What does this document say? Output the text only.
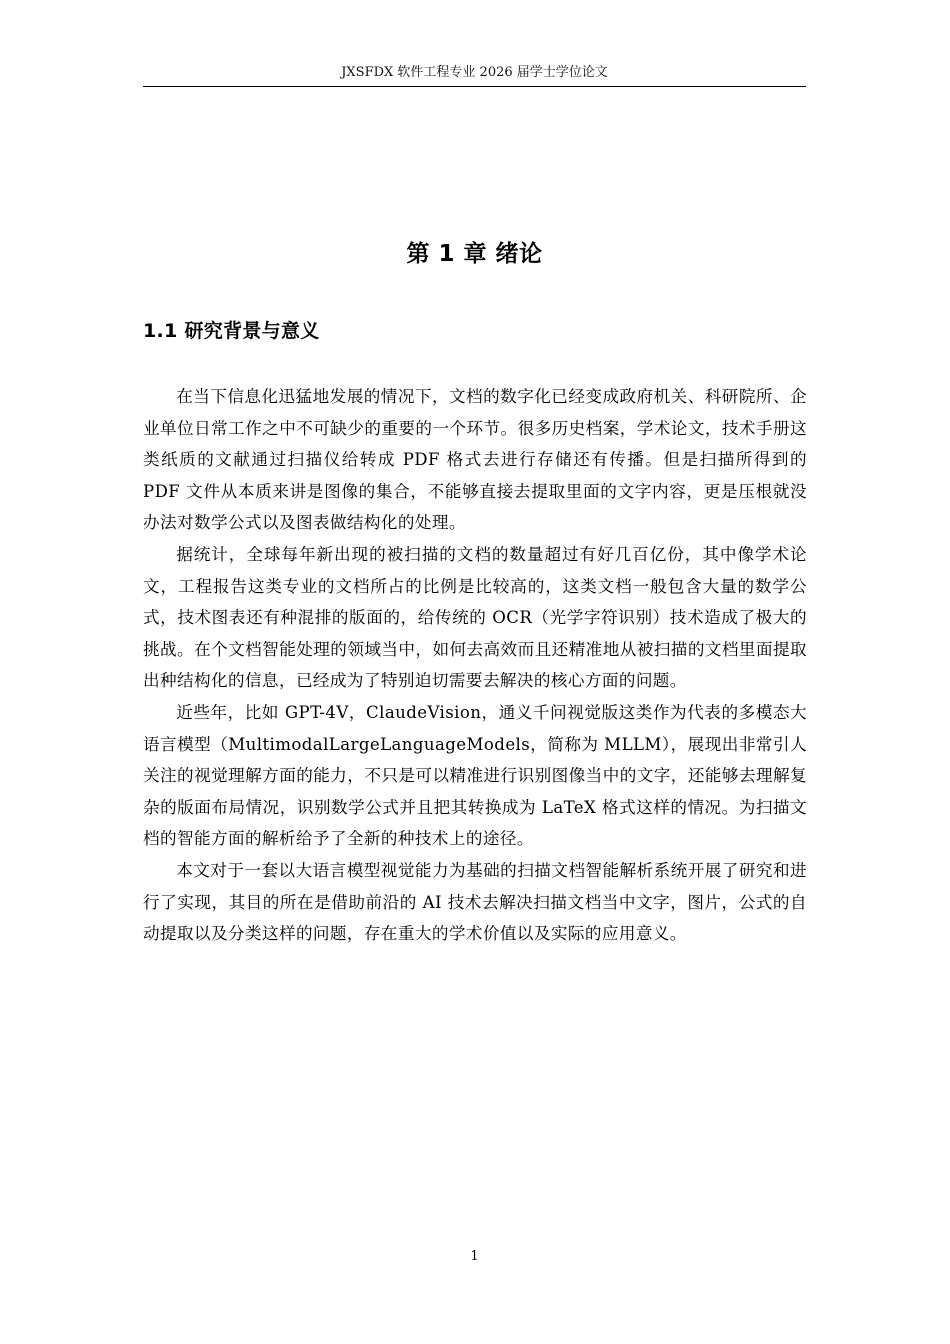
JXSFDX 软件工程专业 2026 届学士学位论文
第 1 章 绪论
1.1 研究背景与意义

在当下信息化迅猛地发展的情况下，文档的数字化已经变成政府机关、科研院所、企业单位日常工作之中不可缺少的重要的一个环节。很多历史档案，学术论文，技术手册这类纸质的文献通过扫描仪给转成 PDF 格式去进行存储还有传播。但是扫描所得到的 PDF 文件从本质来讲是图像的集合，不能够直接去提取里面的文字内容，更是压根就没办法对数学公式以及图表做结构化的处理。

据统计，全球每年新出现的被扫描的文档的数量超过有好几百亿份，其中像学术论文，工程报告这类专业的文档所占的比例是比较高的，这类文档一般包含大量的数学公式，技术图表还有种混排的版面的，给传统的 OCR（光学字符识别）技术造成了极大的挑战。在个文档智能处理的领域当中，如何去高效而且还精准地从被扫描的文档里面提取出种结构化的信息，已经成为了特别迫切需要去解决的核心方面的问题。

近些年，比如 GPT-4V，ClaudeVision，通义千问视觉版这类作为代表的多模态大语言模型（MultimodalLargeLanguageModels，简称为 MLLM），展现出非常引人关注的视觉理解方面的能力，不只是可以精准进行识别图像当中的文字，还能够去理解复杂的版面布局情况，识别数学公式并且把其转换成为 LaTeX 格式这样的情况。为扫描文档的智能方面的解析给予了全新的种技术上的途径。

本文对于一套以大语言模型视觉能力为基础的扫描文档智能解析系统开展了研究和进行了实现，其目的所在是借助前沿的 AI 技术去解决扫描文档当中文字，图片，公式的自动提取以及分类这样的问题，存在重大的学术价值以及实际的应用意义。

1
